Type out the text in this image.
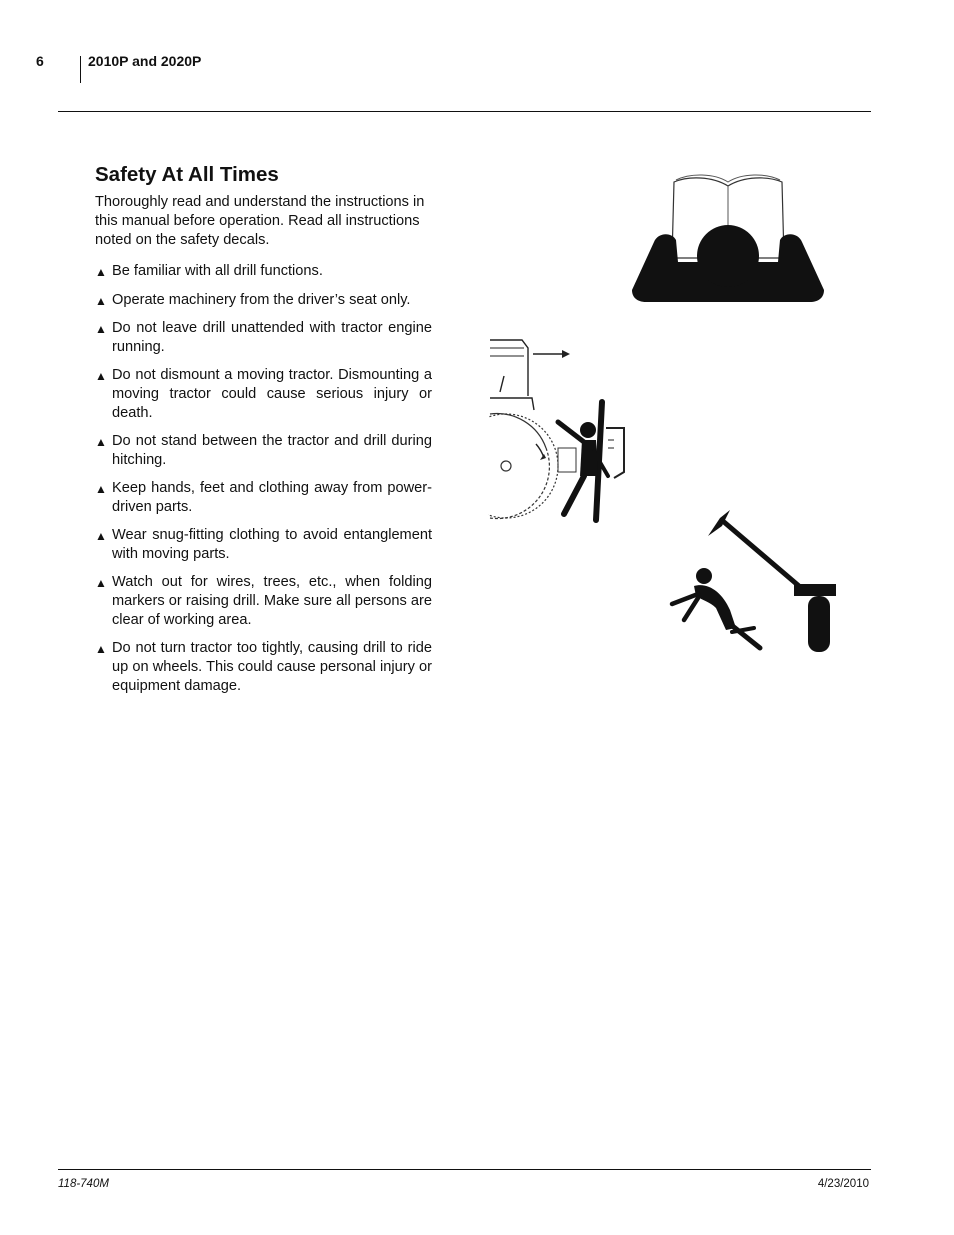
6	2010P and 2020P
Safety At All Times

Thoroughly read and understand the instructions in this manual before operation. Read all instructions noted on the safety decals.

▲ Be familiar with all drill functions.
▲ Operate machinery from the driver’s seat only.
▲ Do not leave drill unattended with tractor engine running.
▲ Do not dismount a moving tractor. Dismounting a moving tractor could cause serious injury or death.
▲ Do not stand between the tractor and drill during hitching.
▲ Keep hands, feet and clothing away from power-driven parts.
▲ Wear snug-fitting clothing to avoid entanglement with moving parts.
▲ Watch out for wires, trees, etc., when folding markers or raising drill. Make sure all persons are clear of working area.
▲ Do not turn tractor too tightly, causing drill to ride up on wheels. This could cause personal injury or equipment damage.
118-740M	4/23/2010
